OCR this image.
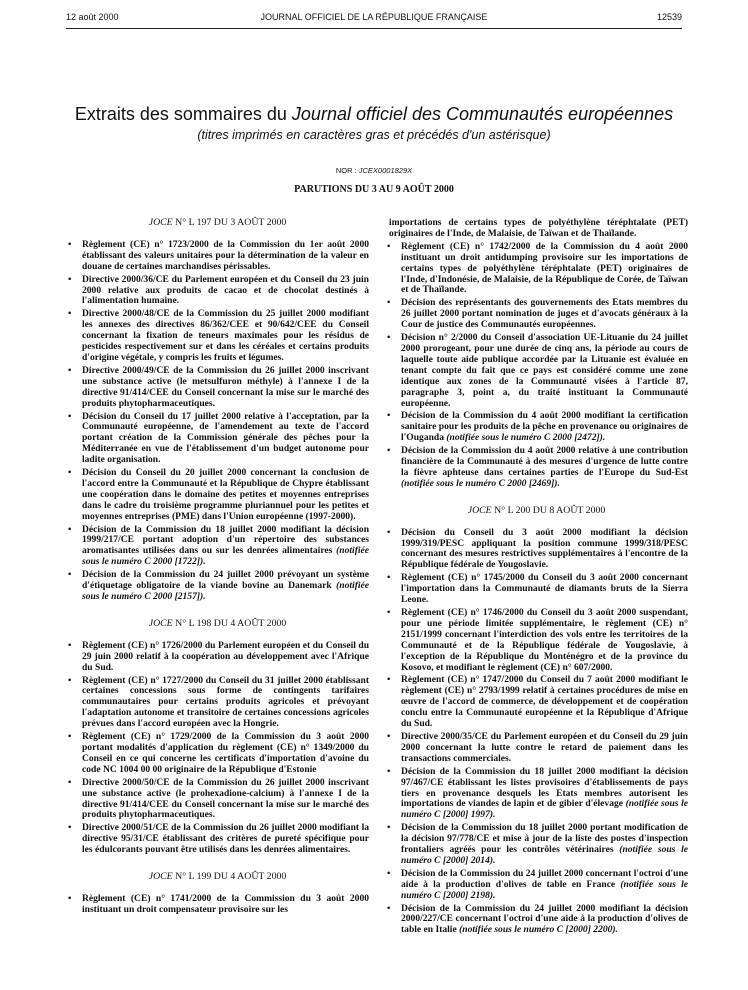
12 août 2000	JOURNAL OFFICIEL DE LA RÉPUBLIQUE FRANÇAISE	12539
Extraits des sommaires du Journal officiel des Communautés européennes
(titres imprimés en caractères gras et précédés d'un astérisque)
NOR : JCEX0001829X
PARUTIONS DU 3 AU 9 AOÛT 2000
JOCE N° L 197 DU 3 AOÛT 2000
• Règlement (CE) n° 1723/2000 de la Commission du 1er août 2000 établissant des valeurs unitaires pour la détermination de la valeur en douane de certaines marchandises périssables.
• Directive 2000/36/CE du Parlement européen et du Conseil du 23 juin 2000 relative aux produits de cacao et de chocolat destinés à l'alimentation humaine.
• Directive 2000/48/CE de la Commission du 25 juillet 2000 modifiant les annexes des directives 86/362/CEE et 90/642/CEE du Conseil concernant la fixation de teneurs maximales pour les résidus de pesticides respectivement sur et dans les céréales et certains produits d'origine végétale, y compris les fruits et légumes.
• Directive 2000/49/CE de la Commission du 26 juillet 2000 inscrivant une substance active (le metsulfuron méthyle) à l'annexe I de la directive 91/414/CEE du Conseil concernant la mise sur le marché des produits phytopharmaceutiques.
• Décision du Conseil du 17 juillet 2000 relative à l'acceptation, par la Communauté européenne, de l'amendement au texte de l'accord portant création de la Commission générale des pêches pour la Méditerranée en vue de l'établissement d'un budget autonome pour ladite organisation.
• Décision du Conseil du 20 juillet 2000 concernant la conclusion de l'accord entre la Communauté et la République de Chypre établissant une coopération dans le domaine des petites et moyennes entreprises dans le cadre du troisième programme pluriannuel pour les petites et moyennes entreprises (PME) dans l'Union européenne (1997-2000).
• Décision de la Commission du 18 juillet 2000 modifiant la décision 1999/217/CE portant adoption d'un répertoire des substances aromatisantes utilisées dans ou sur les denrées alimentaires (notifiée sous le numéro C 2000 [1722]).
• Décision de la Commission du 24 juillet 2000 prévoyant un système d'étiquetage obligatoire de la viande bovine au Danemark (notifiée sous le numéro C 2000 [2157]).
JOCE N° L 198 DU 4 AOÛT 2000
• Règlement (CE) n° 1726/2000 du Parlement européen et du Conseil du 29 juin 2000 relatif à la coopération au développement avec l'Afrique du Sud.
• Règlement (CE) n° 1727/2000 du Conseil du 31 juillet 2000 établissant certaines concessions sous forme de contingents tarifaires communautaires pour certains produits agricoles et prévoyant l'adaptation autonome et transitoire de certaines concessions agricoles prévues dans l'accord européen avec la Hongrie.
• Règlement (CE) n° 1729/2000 de la Commission du 3 août 2000 portant modalités d'application du règlement (CE) n° 1349/2000 du Conseil en ce qui concerne les certificats d'importation d'avoine du code NC 1004 00 00 originaire de la République d'Estonie
• Directive 2000/50/CE de la Commission du 26 juillet 2000 inscrivant une substance active (le prohexadione-calcium) à l'annexe I de la directive 91/414/CEE du Conseil concernant la mise sur le marché des produits phytopharmaceutiques.
• Directive 2000/51/CE de la Commission du 26 juillet 2000 modifiant la directive 95/31/CE établissant des critères de pureté spécifique pour les édulcorants pouvant être utilisés dans les denrées alimentaires.
JOCE N° L 199 DU 4 AOÛT 2000
• Règlement (CE) n° 1741/2000 de la Commission du 3 août 2000 instituant un droit compensateur provisoire sur les
importations de certains types de polyéthylène téréphtalate (PET) originaires de l'Inde, de Malaisie, de Taïwan et de Thaïlande.
• Règlement (CE) n° 1742/2000 de la Commission du 4 août 2000 instituant un droit antidumping provisoire sur les importations de certains types de polyéthylène téréphtalate (PET) originaires de l'Inde, d'Indonésie, de Malaisie, de la République de Corée, de Taïwan et de Thaïlande.
• Décision des représentants des gouvernements des Etats membres du 26 juillet 2000 portant nomination de juges et d'avocats généraux à la Cour de justice des Communautés européennes.
• Décision n° 2/2000 du Conseil d'association UE-Lituanie du 24 juillet 2000 prorogeant, pour une durée de cinq ans, la période au cours de laquelle toute aide publique accordée par la Lituanie est évaluée en tenant compte du fait que ce pays est considéré comme une zone identique aux zones de la Communauté visées à l'article 87, paragraphe 3, point a, du traité instituant la Communauté européenne.
• Décision de la Commission du 4 août 2000 modifiant la certification sanitaire pour les produits de la pêche en provenance ou originaires de l'Ouganda (notifiée sous le numéro C 2000 [2472]).
• Décision de la Commission du 4 août 2000 relative à une contribution financière de la Communauté à des mesures d'urgence de lutte contre la fièvre aphteuse dans certaines parties de l'Europe du Sud-Est (notifiée sous le numéro C 2000 [2469]).
JOCE N° L 200 DU 8 AOÛT 2000
• Décision du Conseil du 3 août 2000 modifiant la décision 1999/319/PESC appliquant la position commune 1999/318/PESC concernant des mesures restrictives supplémentaires à l'encontre de la République fédérale de Yougoslavie.
• Règlement (CE) n° 1745/2000 du Conseil du 3 août 2000 concernant l'importation dans la Communauté de diamants bruts de la Sierra Leone.
• Règlement (CE) n° 1746/2000 du Conseil du 3 août 2000 suspendant, pour une période limitée supplémentaire, le règlement (CE) n° 2151/1999 concernant l'interdiction des vols entre les territoires de la Communauté et de la République fédérale de Yougoslavie, à l'exception de la République du Monténégro et de la province du Kosovo, et modifiant le règlement (CE) n° 607/2000.
• Règlement (CE) n° 1747/2000 du Conseil du 7 août 2000 modifiant le règlement (CE) n° 2793/1999 relatif à certaines procédures de mise en œuvre de l'accord de commerce, de développement et de coopération conclu entre la Communauté européenne et la République d'Afrique du Sud.
• Directive 2000/35/CE du Parlement européen et du Conseil du 29 juin 2000 concernant la lutte contre le retard de paiement dans les transactions commerciales.
• Décision de la Commission du 18 juillet 2000 modifiant la décision 97/467/CE établissant les listes provisoires d'établissements de pays tiers en provenance desquels les Etats membres autorisent les importations de viandes de lapin et de gibier d'élevage (notifiée sous le numéro C [2000] 1997).
• Décision de la Commission du 18 juillet 2000 portant modification de la décision 97/778/CE et mise à jour de la liste des postes d'inspection frontaliers agréés pour les contrôles vétérinaires (notifiée sous le numéro C [2000] 2014).
• Décision de la Commission du 24 juillet 2000 concernant l'octroi d'une aide à la production d'olives de table en France (notifiée sous le numéro C [2000] 2198).
• Décision de la Commission du 24 juillet 2000 modifiant la décision 2000/227/CE concernant l'octroi d'une aide à la production d'olives de table en Italie (notifiée sous le numéro C [2000] 2200).
